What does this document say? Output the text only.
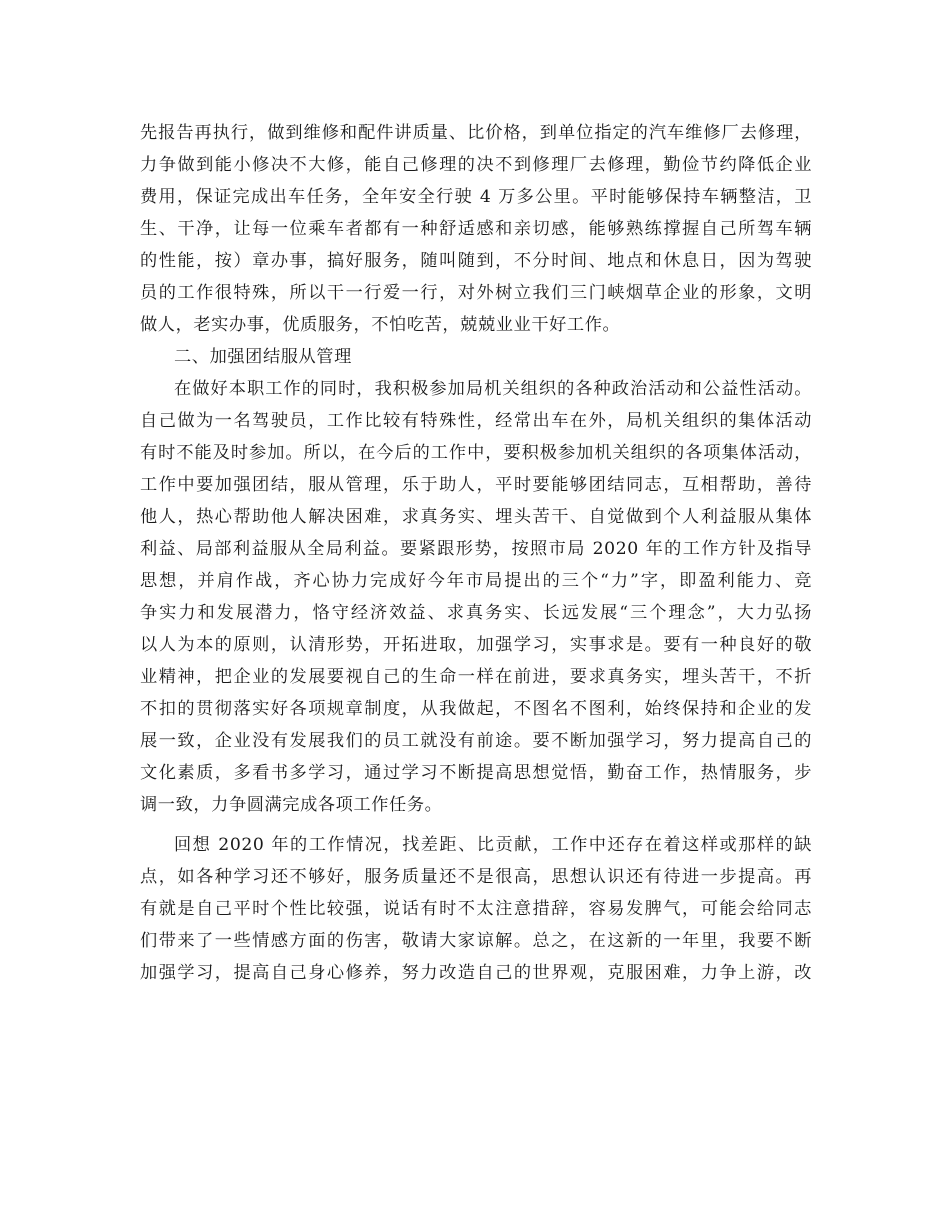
先报告再执行，做到维修和配件讲质量、比价格，到单位指定的汽车维修厂去修理，
力争做到能小修决不大修，能自己修理的决不到修理厂去修理，勤俭节约降低企业
费用，保证完成出车任务，全年安全行驶 4 万多公里。平时能够保持车辆整洁，卫
生、干净，让每一位乘车者都有一种舒适感和亲切感，能够熟练撑握自己所驾车辆
的性能，按）章办事，搞好服务，随叫随到，不分时间、地点和休息日，因为驾驶
员的工作很特殊，所以干一行爱一行，对外树立我们三门峡烟草企业的形象，文明
做人，老实办事，优质服务，不怕吃苦，兢兢业业干好工作。
二、加强团结服从管理
在做好本职工作的同时，我积极参加局机关组织的各种政治活动和公益性活动。
自己做为一名驾驶员，工作比较有特殊性，经常出车在外，局机关组织的集体活动
有时不能及时参加。所以，在今后的工作中，要积极参加机关组织的各项集体活动，
工作中要加强团结，服从管理，乐于助人，平时要能够团结同志，互相帮助，善待
他人，热心帮助他人解决困难，求真务实、埋头苦干、自觉做到个人利益服从集体
利益、局部利益服从全局利益。要紧跟形势，按照市局 2020 年的工作方针及指导
思想，并肩作战，齐心协力完成好今年市局提出的三个“力”字，即盈利能力、竞
争实力和发展潜力，恪守经济效益、求真务实、长远发展“三个理念”，大力弘扬
以人为本的原则，认清形势，开拓进取，加强学习，实事求是。要有一种良好的敬
业精神，把企业的发展要视自己的生命一样在前进，要求真务实，埋头苦干，不折
不扣的贯彻落实好各项规章制度，从我做起，不图名不图利，始终保持和企业的发
展一致，企业没有发展我们的员工就没有前途。要不断加强学习，努力提高自己的
文化素质，多看书多学习，通过学习不断提高思想觉悟，勤奋工作，热情服务，步
调一致，力争圆满完成各项工作任务。
回想 2020 年的工作情况，找差距、比贡献，工作中还存在着这样或那样的缺
点，如各种学习还不够好，服务质量还不是很高，思想认识还有待进一步提高。再
有就是自己平时个性比较强，说话有时不太注意措辞，容易发脾气，可能会给同志
们带来了一些情感方面的伤害，敬请大家谅解。总之，在这新的一年里，我要不断
加强学习，提高自己身心修养，努力改造自己的世界观，克服困难，力争上游，改
